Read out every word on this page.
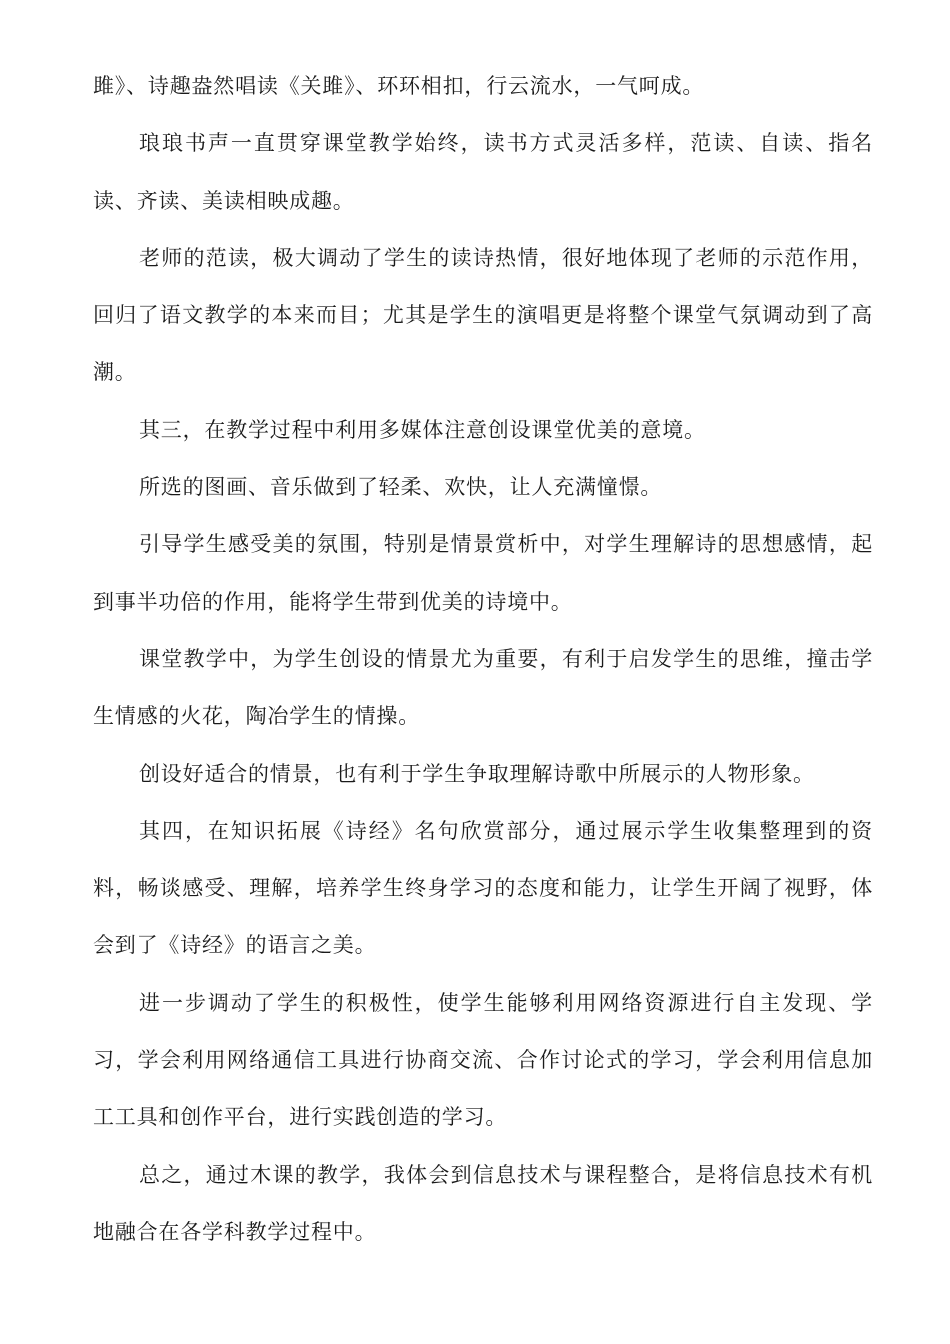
雎》、诗趣盎然唱读《关雎》、环环相扣，行云流水，一气呵成。

琅琅书声一直贯穿课堂教学始终，读书方式灵活多样，范读、自读、指名读、齐读、美读相映成趣。

老师的范读，极大调动了学生的读诗热情，很好地体现了老师的示范作用，回归了语文教学的本来而目；尤其是学生的演唱更是将整个课堂气氛调动到了高潮。

其三，在教学过程中利用多媒体注意创设课堂优美的意境。

所选的图画、音乐做到了轻柔、欢快，让人充满憧憬。

引导学生感受美的氛围，特别是情景赏析中，对学生理解诗的思想感情，起到事半功倍的作用，能将学生带到优美的诗境中。

课堂教学中，为学生创设的情景尤为重要，有利于启发学生的思维，撞击学生情感的火花，陶冶学生的情操。

创设好适合的情景，也有利于学生争取理解诗歌中所展示的人物形象。

其四，在知识拓展《诗经》名句欣赏部分，通过展示学生收集整理到的资料，畅谈感受、理解，培养学生终身学习的态度和能力，让学生开阔了视野，体会到了《诗经》的语言之美。

进一步调动了学生的积极性，使学生能够利用网络资源进行自主发现、学习，学会利用网络通信工具进行协商交流、合作讨论式的学习，学会利用信息加工工具和创作平台，进行实践创造的学习。

总之，通过木课的教学，我体会到信息技术与课程整合，是将信息技术有机地融合在各学科教学过程中。
